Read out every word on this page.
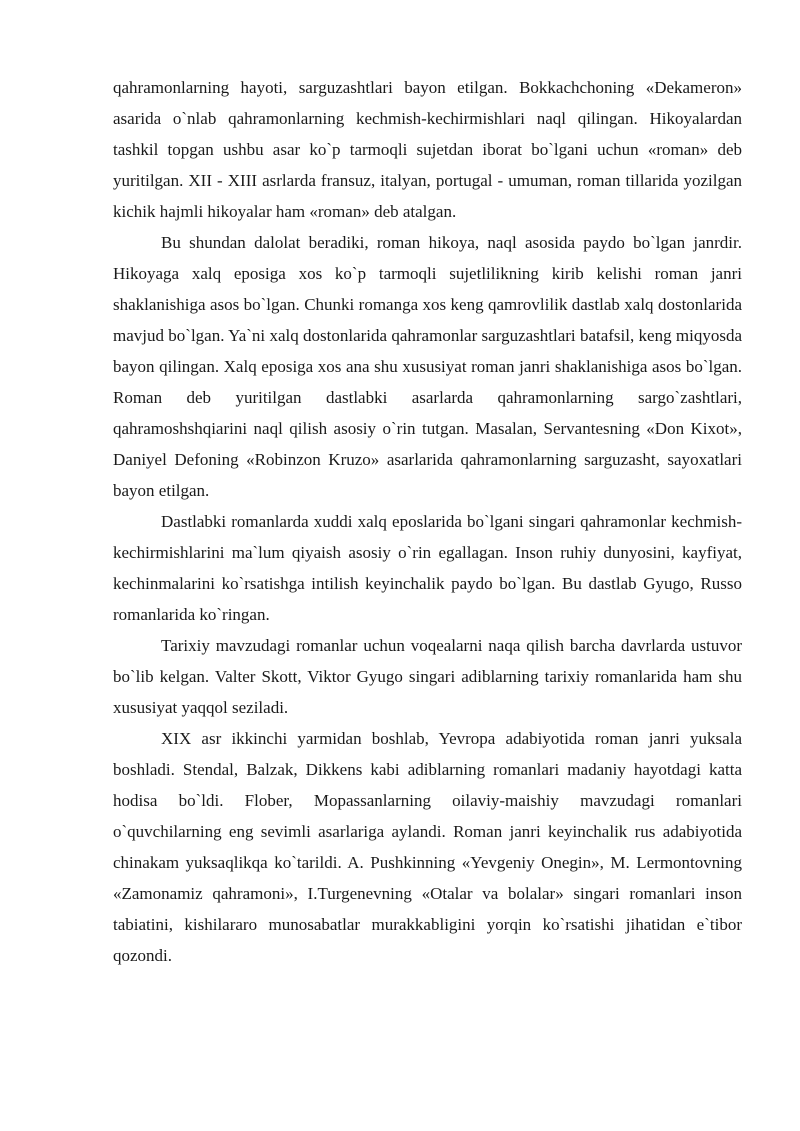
qahramonlarning hayoti, sarguzashtlari bayon etilgan. Bokkachchoning «Dekameron» asarida o`nlab qahramonlarning kechmish-kechirmishlari naql qilingan. Hikoyalardan tashkil topgan ushbu asar ko`p tarmoqli sujetdan iborat bo`lgani uchun «roman» deb yuritilgan. XII - XIII asrlarda fransuz, italyan, portugal - umuman, roman tillarida yozilgan kichik hajmli hikoyalar ham «roman» deb atalgan.

Bu shundan dalolat beradiki, roman hikoya, naql asosida paydo bo`lgan janrdir. Hikoyaga xalq eposiga xos ko`p tarmoqli sujetlilikning kirib kelishi roman janri shaklanishiga asos bo`lgan. Chunki romanga xos keng qamrovlilik dastlab xalq dostonlarida mavjud bo`lgan. Ya`ni xalq dostonlarida qahramonlar sarguzashtlari batafsil, keng miqyosda bayon qilingan. Xalq eposiga xos ana shu xususiyat roman janri shaklanishiga asos bo`lgan. Roman deb yuritilgan dastlabki asarlarda qahramonlarning sargo`zashtlari, qahramoshshqiarini naql qilish asosiy o`rin tutgan. Masalan, Servantesning «Don Kixot», Daniyel Defoning «Robinzon Kruzo» asarlarida qahramonlarning sarguzasht, sayoxatlari bayon etilgan.

Dastlabki romanlarda xuddi xalq eposlarida bo`lgani singari qahramonlar kechmish-kechirmishlarini ma`lum qiyaish asosiy o`rin egallagan. Inson ruhiy dunyosini, kayfiyat, kechinmalarini ko`rsatishga intilish keyinchalik paydo bo`lgan. Bu dastlab Gyugo, Russo romanlarida ko`ringan.

Tarixiy mavzudagi romanlar uchun voqealarni naqa qilish barcha davrlarda ustuvor bo`lib kelgan. Valter Skott, Viktor Gyugo singari adiblarning tarixiy romanlarida ham shu xususiyat yaqqol seziladi.

XIX asr ikkinchi yarmidan boshlab, Yevropa adabiyotida roman janri yuksala boshladi. Stendal, Balzak, Dikkens kabi adiblarning romanlari madaniy hayotdagi katta hodisa bo`ldi. Flober, Mopassanlarning oilaviy-maishiy mavzudagi romanlari o`quvchilarning eng sevimli asarlariga aylandi. Roman janri keyinchalik rus adabiyotida chinakam yuksaqlikqa ko`tarildi. A. Pushkinning «Yevgeniy Onegin», M. Lermontovning «Zamonamiz qahramoni», I.Turgenevning «Otalar va bolalar» singari romanlari inson tabiatini, kishilararo munosabatlar murakkabligini yorqin ko`rsatishi jihatidan e`tibor qozondi.
